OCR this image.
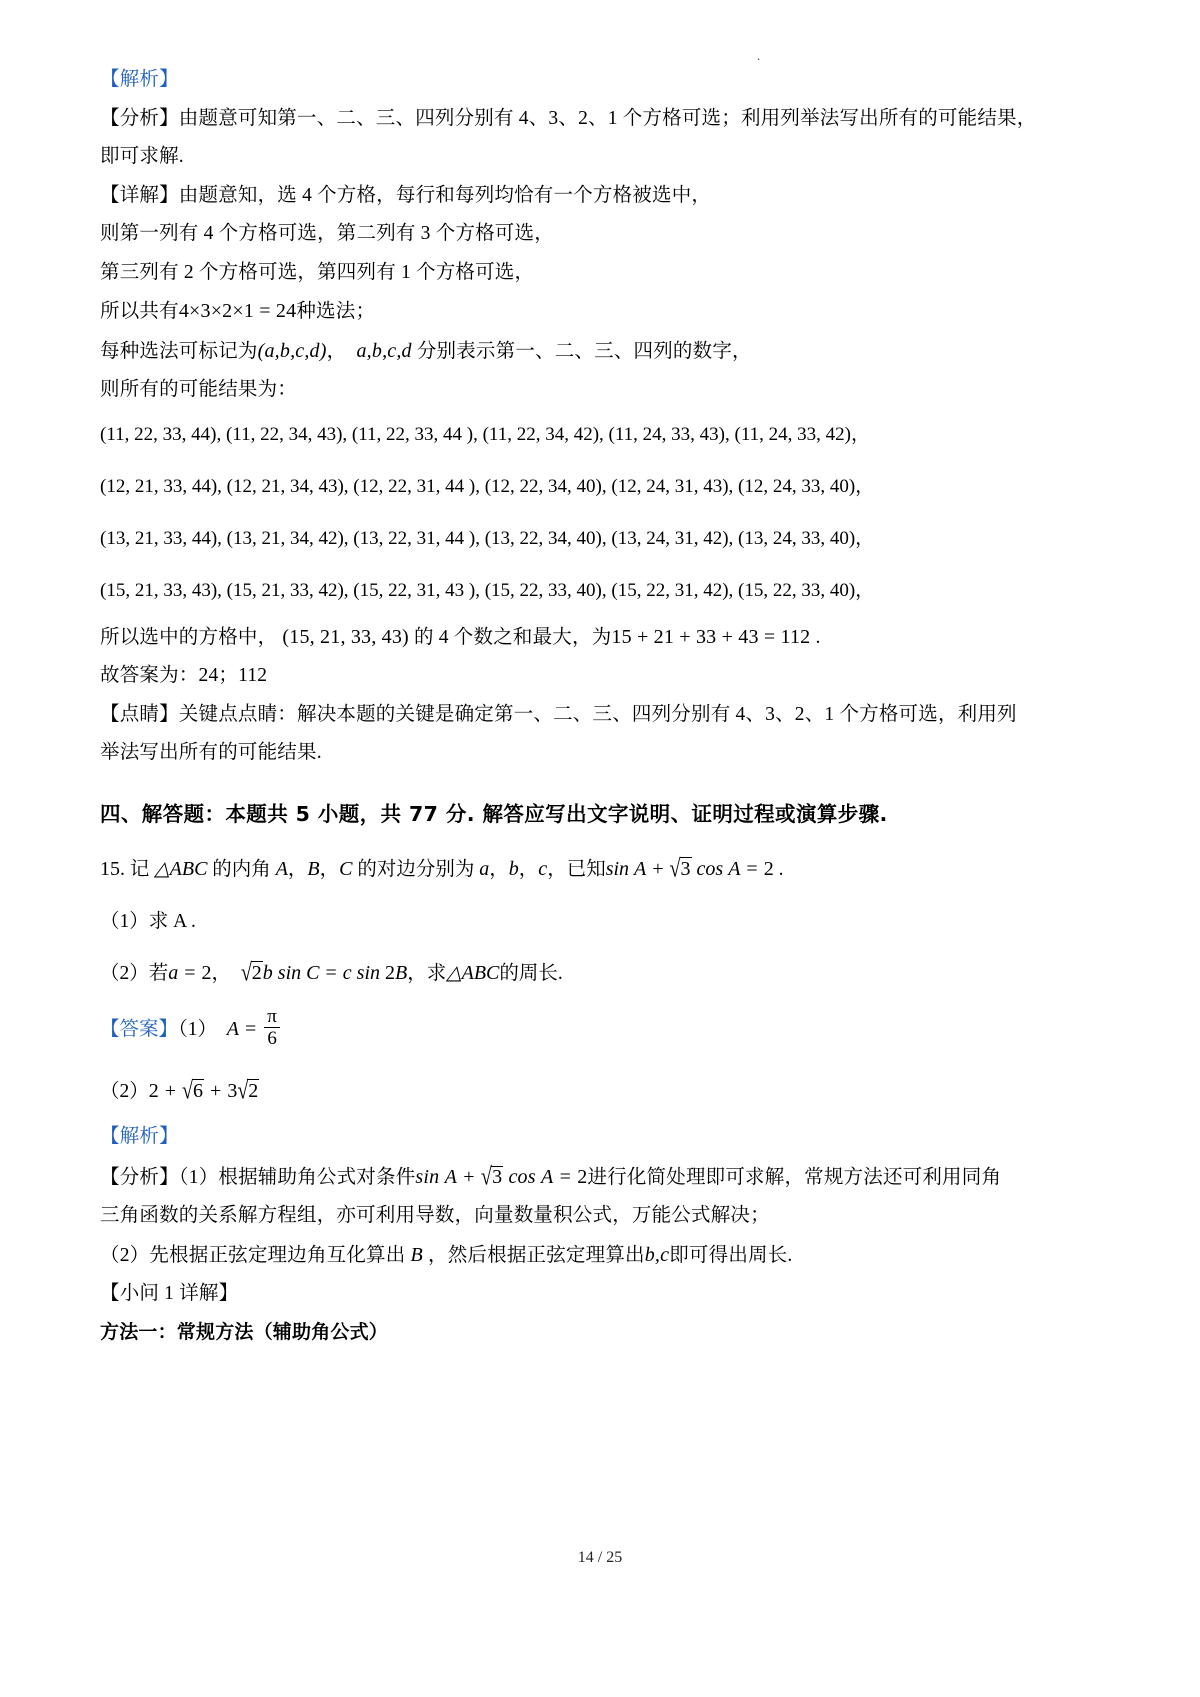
.
【解析】
【分析】由题意可知第一、二、三、四列分别有 4、3、2、1 个方格可选；利用列举法写出所有的可能结果，
即可求解.
【详解】由题意知，选 4 个方格，每行和每列均恰有一个方格被选中，
则第一列有 4 个方格可选，第二列有 3 个方格可选，
第三列有 2 个方格可选，第四列有 1 个方格可选，
所以共有4×3×2×1 = 24种选法；
每种选法可标记为(a,b,c,d)， a,b,c,d 分别表示第一、二、三、四列的数字，
则所有的可能结果为：
(11, 22, 33, 44), (11, 22, 34, 43), (11, 22, 33, 44 ), (11, 22, 34, 42), (11, 24, 33, 43), (11, 24, 33, 42)，
(12, 21, 33, 44), (12, 21, 34, 43), (12, 22, 31, 44 ), (12, 22, 34, 40), (12, 24, 31, 43), (12, 24, 33, 40)，
(13, 21, 33, 44), (13, 21, 34, 42), (13, 22, 31, 44 ), (13, 22, 34, 40), (13, 24, 31, 42), (13, 24, 33, 40)，
(15, 21, 33, 43), (15, 21, 33, 42), (15, 22, 31, 43 ), (15, 22, 33, 40), (15, 22, 31, 42), (15, 22, 33, 40)，
所以选中的方格中， (15, 21, 33, 43) 的 4 个数之和最大，为15 + 21 + 33 + 43 = 112 .
故答案为：24；112
【点睛】关键点点睛：解决本题的关键是确定第一、二、三、四列分别有 4、3、2、1 个方格可选，利用列
举法写出所有的可能结果.
四、解答题：本题共 5 小题，共 77 分. 解答应写出文字说明、证明过程或演算步骤.
15. 记 △ABC 的内角 A，B，C 的对边分别为 a，b，c，已知sin A + √3 cos A = 2 .
（1）求 A .
（2）若a = 2， √2b sin C = c sin 2B，求△ABC的周长.
【答案】（1） $A = \frac{\pi}{6}$
（2）2 + √6 + 3√2
【解析】
【分析】（1）根据辅助角公式对条件sin A + √3 cos A = 2进行化简处理即可求解，常规方法还可利用同角
三角函数的关系解方程组，亦可利用导数，向量数量积公式，万能公式解决；
（2）先根据正弦定理边角互化算出 B ，然后根据正弦定理算出b,c即可得出周长.
【小问 1 详解】
方法一：常规方法（辅助角公式）
14 / 25
